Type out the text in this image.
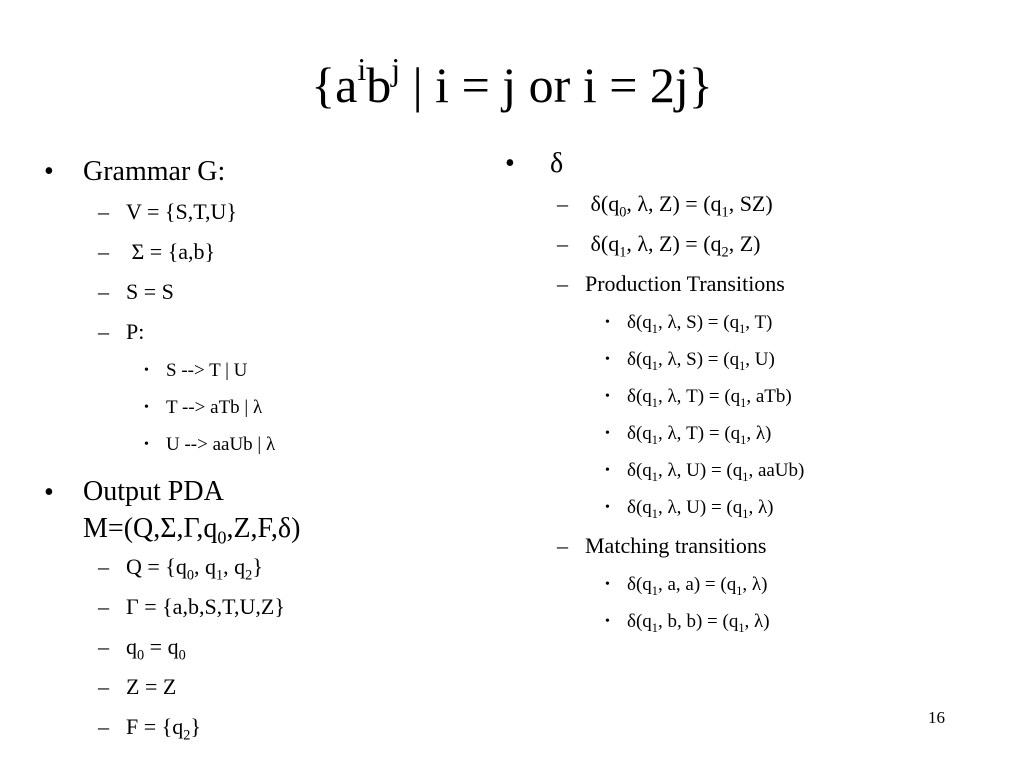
{$a^ib^j$ | i = j or i = 2j}
• Grammar G:
– V = {S,T,U}
– Σ = {a,b}
– S = S
– P:
• S --> T | U
• T --> aTb | λ
• U --> aaUb | λ
• Output PDA
$M=(Q,\Sigma,\Gamma,q_0,Z,F,\delta)$
– $Q = \{q_0$, $q_1$, $q_2$}
– Γ = {a,b,S,T,U,Z}
– $q_0 = q_0$
– Z = Z
– $F = \{q_2\}$
• δ
– $\delta(q_0$, λ, $Z) = (q_1$, SZ)
– $\delta(q_1$, λ, $Z) = (q_2$, Z)
– Production Transitions
• $\delta(q_1$, λ, $S) = (q_1$, T)
• $\delta(q_1$, λ, $S) = (q_1$, U)
• $\delta(q_1$, λ, $T) = (q_1$, aTb)
• $\delta(q_1$, λ, $T) = (q_1$, λ)
• $\delta(q_1$, λ, $U) = (q_1$, aaUb)
• $\delta(q_1$, λ, $U) = (q_1$, λ)
– Matching transitions
• $\delta(q_1$, a, $a) = (q_1$, λ)
• $\delta(q_1$, b, $b) = (q_1$, λ)
16
